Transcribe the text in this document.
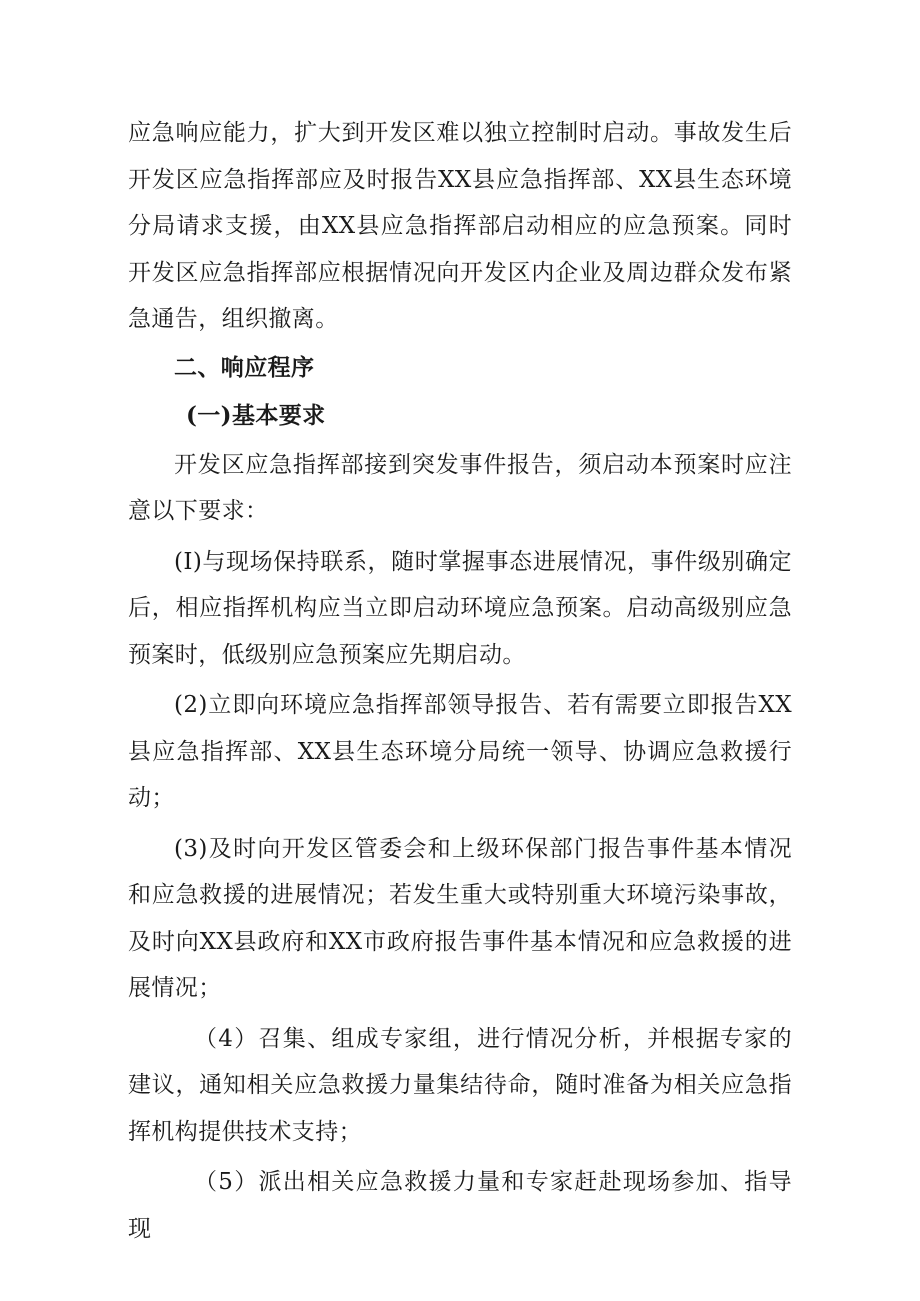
应急响应能力，扩大到开发区难以独立控制时启动。事故发生后开发区应急指挥部应及时报告XX县应急指挥部、XX县生态环境分局请求支援，由XX县应急指挥部启动相应的应急预案。同时开发区应急指挥部应根据情况向开发区内企业及周边群众发布紧急通告，组织撤离。

二、响应程序

(一)基本要求

开发区应急指挥部接到突发事件报告，须启动本预案时应注意以下要求：

(I)与现场保持联系，随时掌握事态进展情况，事件级别确定后，相应指挥机构应当立即启动环境应急预案。启动高级别应急预案时，低级别应急预案应先期启动。

(2)立即向环境应急指挥部领导报告、若有需要立即报告XX县应急指挥部、XX县生态环境分局统一领导、协调应急救援行动；

(3)及时向开发区管委会和上级环保部门报告事件基本情况和应急救援的进展情况；若发生重大或特别重大环境污染事故，及时向XX县政府和XX市政府报告事件基本情况和应急救援的进展情况；

（4）召集、组成专家组，进行情况分析，并根据专家的建议，通知相关应急救援力量集结待命，随时准备为相关应急指挥机构提供技术支持；

（5）派出相关应急救援力量和专家赶赴现场参加、指导现
